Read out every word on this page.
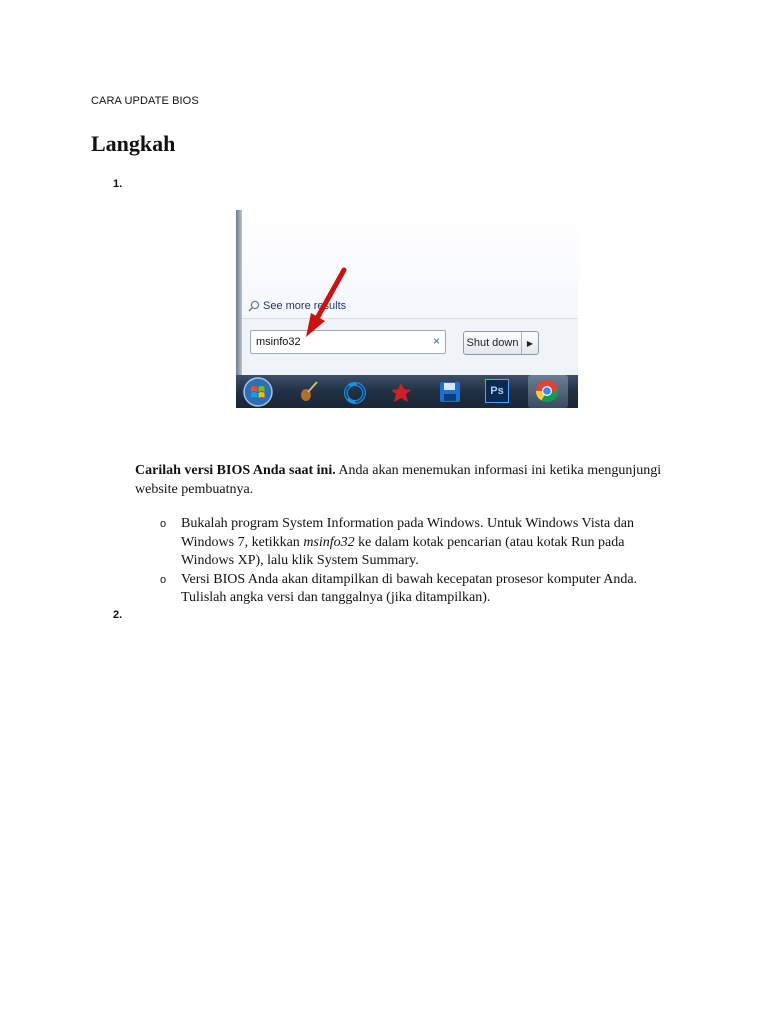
CARA UPDATE BIOS
Langkah
1.
See more results
msinfo32	× Shut down	▶
Ps

Carilah versi BIOS Anda saat ini. Anda akan menemukan informasi ini ketika mengunjungi website pembuatnya.

o Bukalah program System Information pada Windows. Untuk Windows Vista dan Windows 7, ketikkan msinfo32 ke dalam kotak pencarian (atau kotak Run pada Windows XP), lalu klik System Summary.
o Versi BIOS Anda akan ditampilkan di bawah kecepatan prosesor komputer Anda. Tulislah angka versi dan tanggalnya (jika ditampilkan).
2.
